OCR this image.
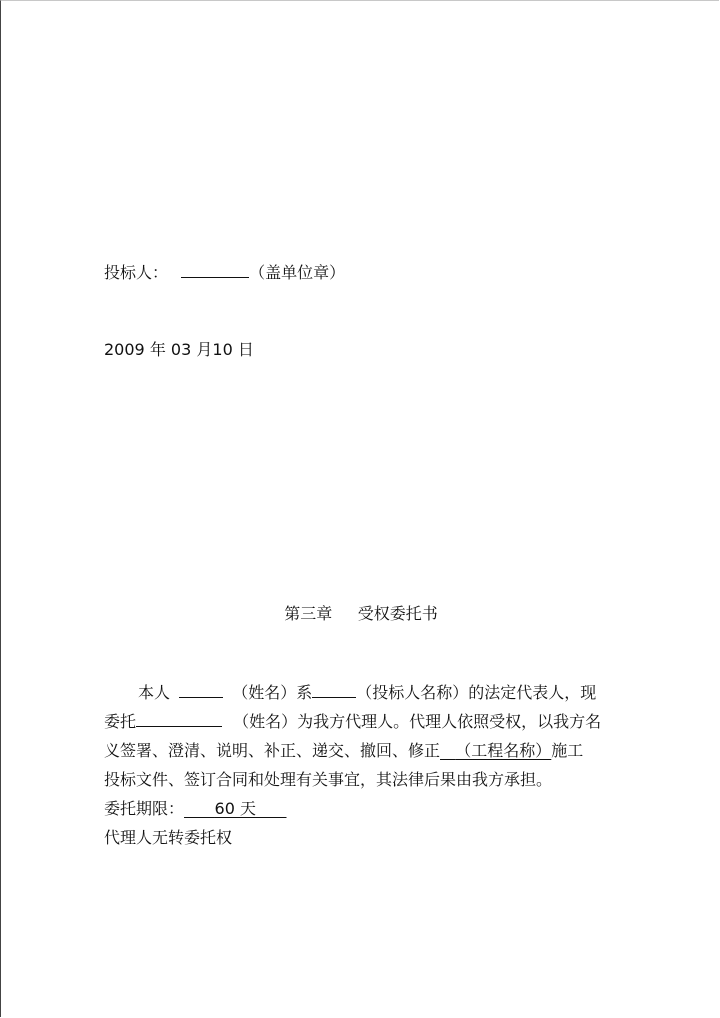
投标人：	（盖单位章）
2009 年 03 月10 日
第三章 受权委托书
本人	（姓名）系	（投标人名称）的法定代表人，现
委托	（姓名）为我方代理人。代理人依照受权，以我方名
义签署、澄清、说明、补正、递交、撤回、修正 （工程名称）施工
投标文件、签订合同和处理有关事宜，其法律后果由我方承担。
委托期限： 60 天
代理人无转委托权
